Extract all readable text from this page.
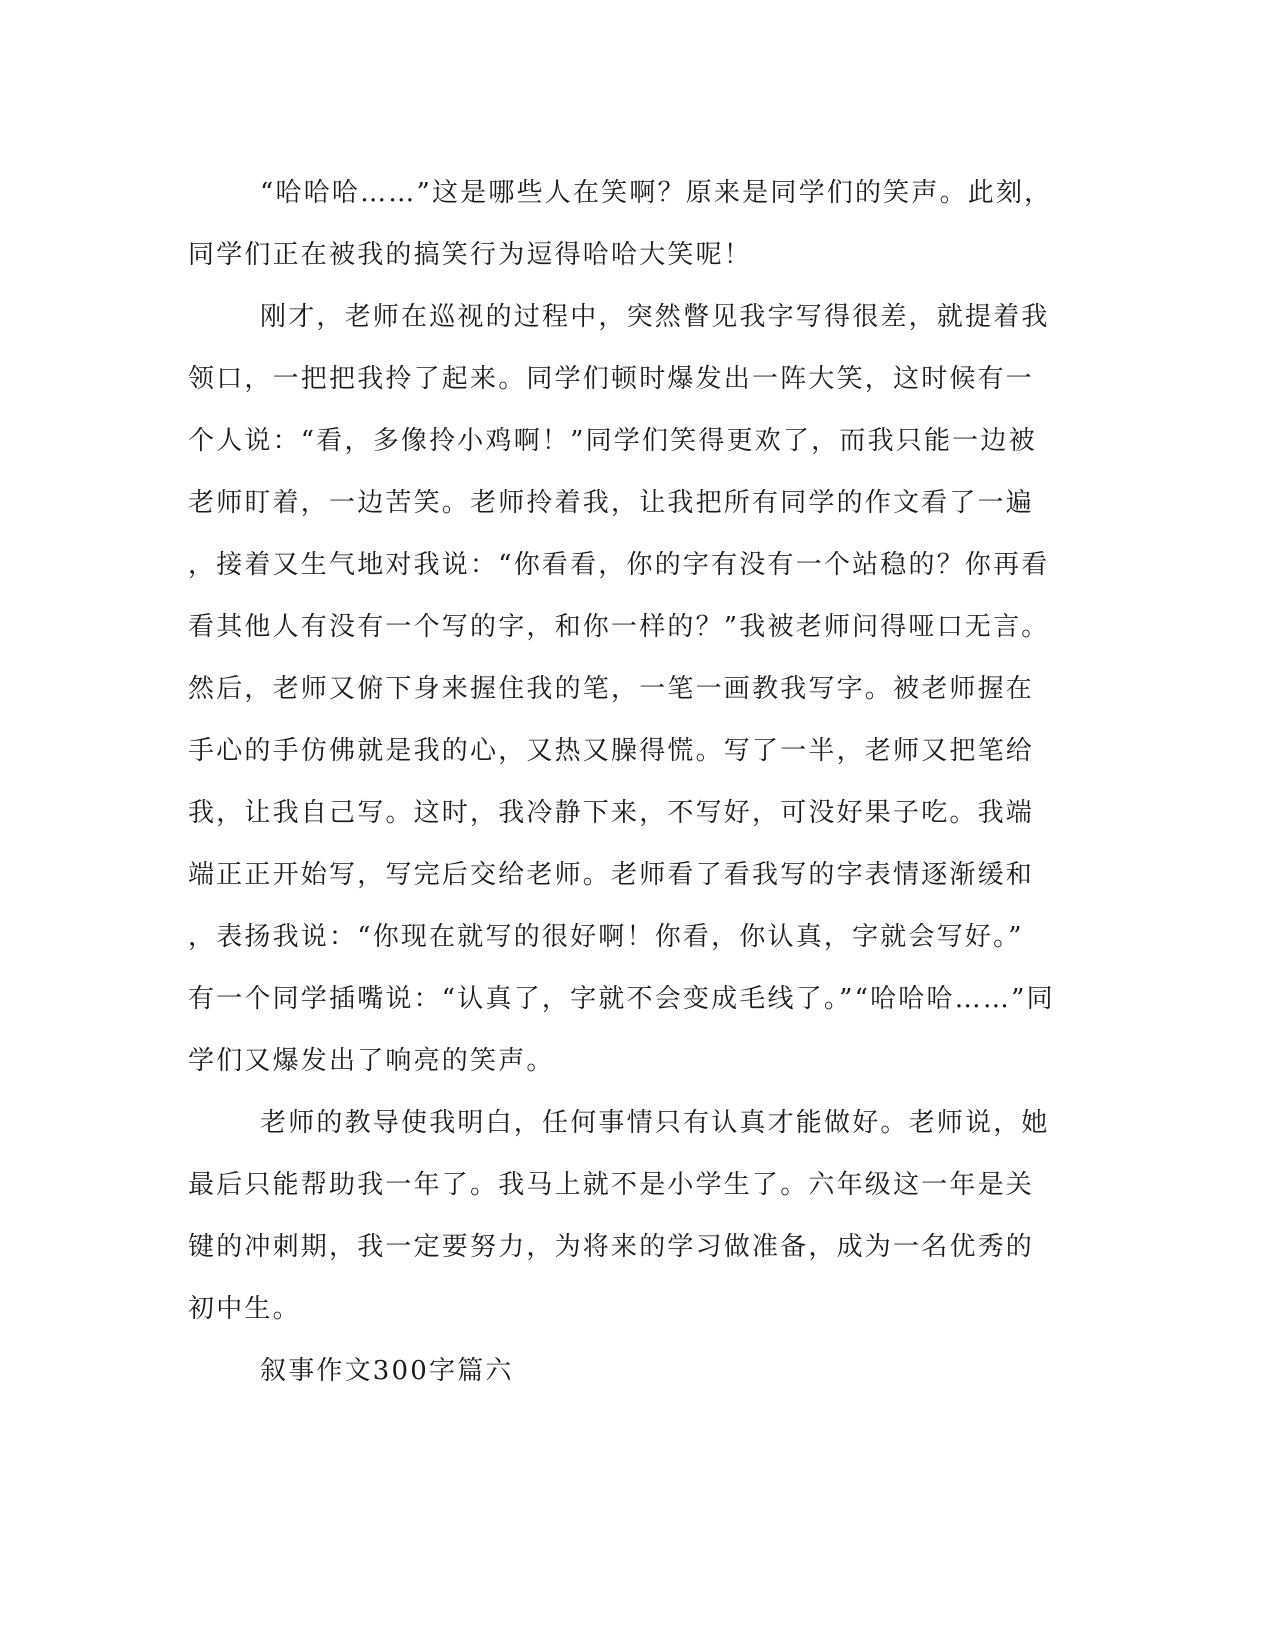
“哈哈哈……”这是哪些人在笑啊？原来是同学们的笑声。此刻，
同学们正在被我的搞笑行为逗得哈哈大笑呢！
刚才，老师在巡视的过程中，突然瞥见我字写得很差，就提着我
领口，一把把我拎了起来。同学们顿时爆发出一阵大笑，这时候有一
个人说：“看，多像拎小鸡啊！”同学们笑得更欢了，而我只能一边被
老师盯着，一边苦笑。老师拎着我，让我把所有同学的作文看了一遍
，接着又生气地对我说：“你看看，你的字有没有一个站稳的？你再看
看其他人有没有一个写的字，和你一样的？”我被老师问得哑口无言。
然后，老师又俯下身来握住我的笔，一笔一画教我写字。被老师握在
手心的手仿佛就是我的心，又热又臊得慌。写了一半，老师又把笔给
我，让我自己写。这时，我冷静下来，不写好，可没好果子吃。我端
端正正开始写，写完后交给老师。老师看了看我写的字表情逐渐缓和
，表扬我说：“你现在就写的很好啊！你看，你认真，字就会写好。”
有一个同学插嘴说：“认真了，字就不会变成毛线了。”“哈哈哈……”同
学们又爆发出了响亮的笑声。
老师的教导使我明白，任何事情只有认真才能做好。老师说，她
最后只能帮助我一年了。我马上就不是小学生了。六年级这一年是关
键的冲刺期，我一定要努力，为将来的学习做准备，成为一名优秀的
初中生。
叙事作文300字篇六
